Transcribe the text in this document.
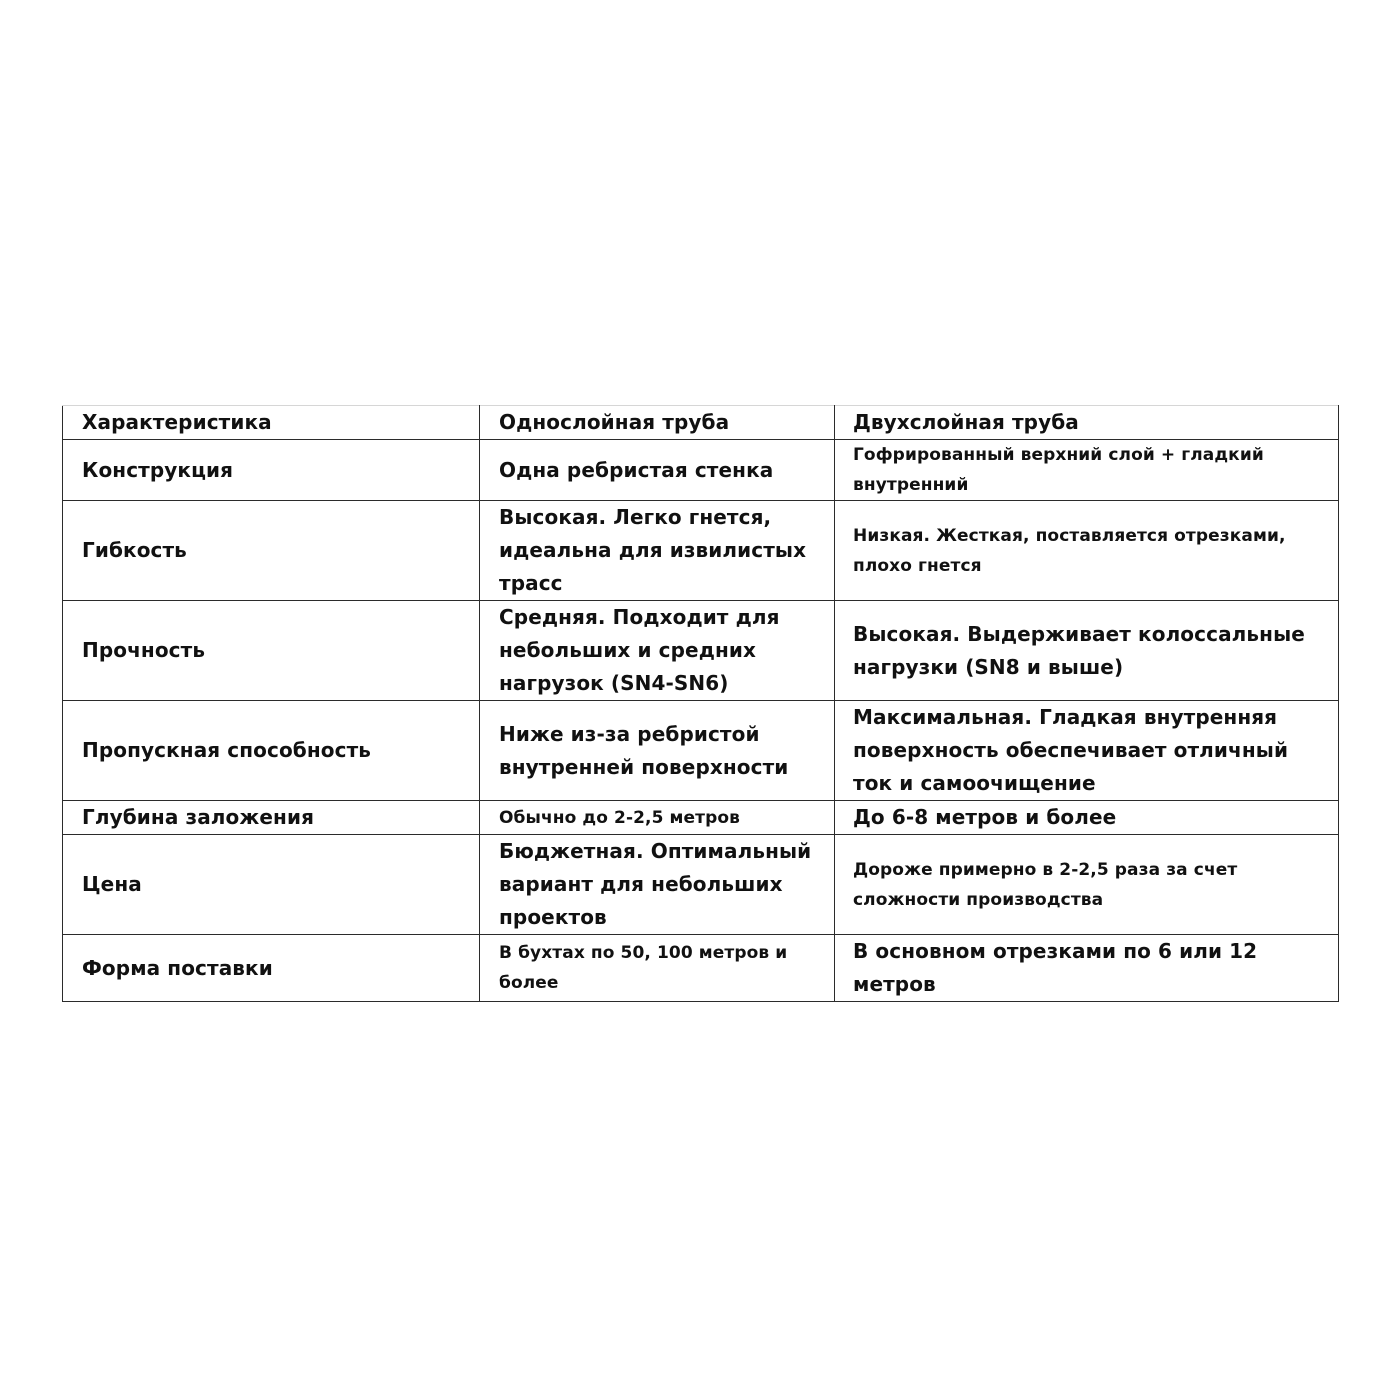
Характеристика	Однослойная труба	Двухслойная труба
Конструкция	Одна ребристая стенка	Гофрированный верхний слой + гладкий внутренний
Гибкость	Высокая. Легко гнется, идеальна для извилистых трасс	Низкая. Жесткая, поставляется отрезками, плохо гнется
Прочность	Средняя. Подходит для небольших и средних нагрузок (SN4-SN6)	Высокая. Выдерживает колоссальные нагрузки (SN8 и выше)
Пропускная способность	Ниже из-за ребристой внутренней поверхности	Максимальная. Гладкая внутренняя поверхность обеспечивает отличный ток и самоочищение
Глубина заложения	Обычно до 2-2,5 метров	До 6-8 метров и более
Цена	Бюджетная. Оптимальный вариант для небольших проектов	Дороже примерно в 2-2,5 раза за счет сложности производства
Форма поставки	В бухтах по 50, 100 метров и более	В основном отрезками по 6 или 12 метров
